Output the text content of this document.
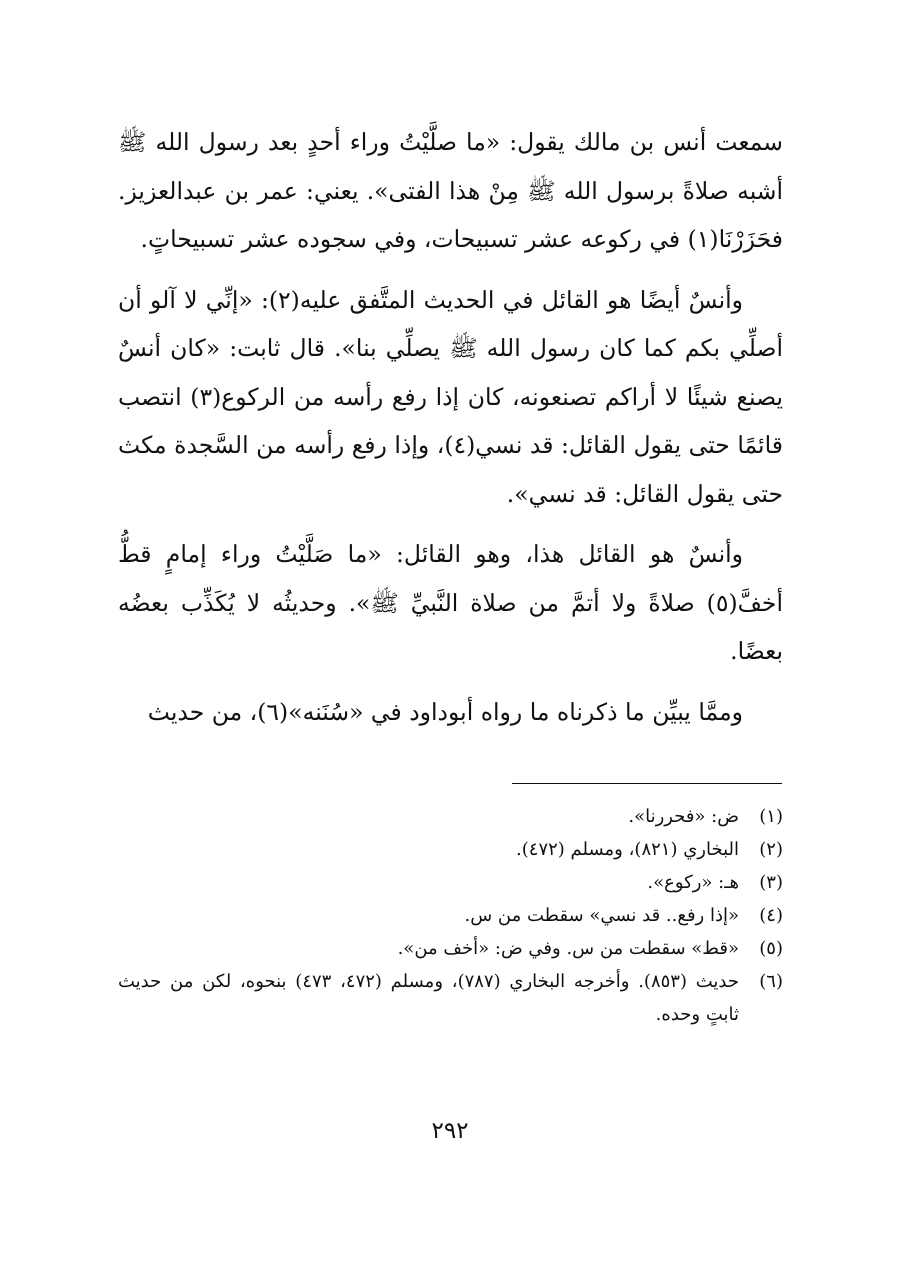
سمعت أنس بن مالك يقول: «ما صلَّيْتُ وراء أحدٍ بعد رسول الله ﷺ أشبه صلاةً برسول الله ﷺ مِنْ هذا الفتى». يعني: عمر بن عبدالعزيز. فحَزَرْنَا(١) في ركوعه عشر تسبيحات، وفي سجوده عشر تسبيحاتٍ.

وأنسٌ أيضًا هو القائل في الحديث المتَّفق عليه(٢): «إنِّي لا آلو أن أصلِّي بكم كما كان رسول الله ﷺ يصلِّي بنا». قال ثابت: «كان أنسٌ يصنع شيئًا لا أراكم تصنعونه، كان إذا رفع رأسه من الركوع(٣) انتصب قائمًا حتى يقول القائل: قد نسي(٤)، وإذا رفع رأسه من السَّجدة مكث حتى يقول القائل: قد نسي».

وأنسٌ هو القائل هذا، وهو القائل: «ما صَلَّيْتُ وراء إمامٍ قطُّ أخفَّ(٥) صلاةً ولا أتمَّ من صلاة النَّبيِّ ﷺ». وحديثُه لا يُكَذِّب بعضُه بعضًا.

وممَّا يبيِّن ما ذكرناه ما رواه أبوداود في «سُنَنه»(٦)، من حديث

(١)
ض: «فحررنا».
(٢)
البخاري (٨٢١)، ومسلم (٤٧٢).
(٣)
هـ: «ركوع».
(٤)
«إذا رفع.. قد نسي» سقطت من س.
(٥)
«قط» سقطت من س. وفي ض: «أخف من».
(٦)
حديث (٨٥٣). وأخرجه البخاري (٧٨٧)، ومسلم (٤٧٢، ٤٧٣) بنحوه، لكن من حديث ثابتٍ وحده.
٢٩٢
